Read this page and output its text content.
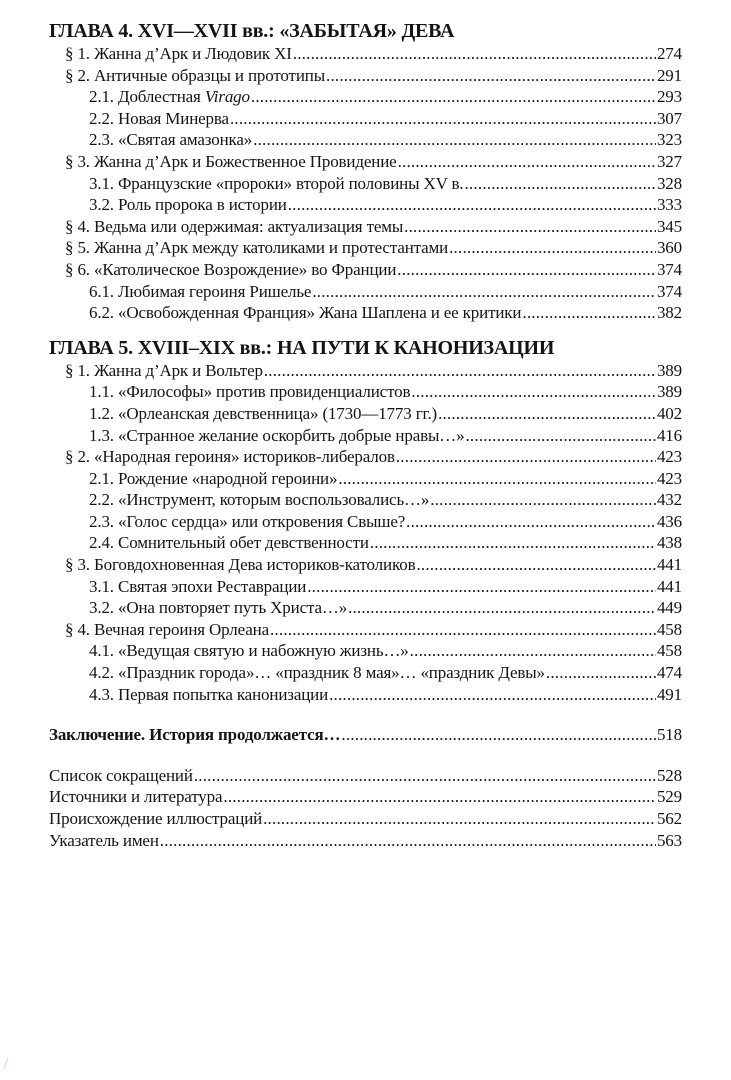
ГЛАВА 4. XVI—XVII вв.: «ЗАБЫТАЯ» ДЕВА
§ 1. Жанна д’Арк и Людовик XI .....	274
§ 2. Античные образцы и прототипы .....	291
2.1. Доблестная Virago .....	293
2.2. Новая Минерва .....	307
2.3. «Святая амазонка» .....	323
§ 3. Жанна д’Арк и Божественное Провидение .....	327
3.1. Французские «пророки» второй половины XV в. .....	328
3.2. Роль пророка в истории .....	333
§ 4. Ведьма или одержимая: актуализация темы .....	345
§ 5. Жанна д’Арк между католиками и протестантами .....	360
§ 6. «Католическое Возрождение» во Франции .....	374
6.1. Любимая героиня Ришелье .....	374
6.2. «Освобожденная Франция» Жана Шаплена и ее критики .....	382
ГЛАВА 5. XVIII–XIX вв.: НА ПУТИ К КАНОНИЗАЦИИ
§ 1. Жанна д’Арк и Вольтер .....	389
1.1. «Философы» против провиденциалистов .....	389
1.2. «Орлеанская девственница» (1730—1773 гг.) .....	402
1.3. «Странное желание оскорбить добрые нравы…» .....	416
§ 2. «Народная героиня» историков-либералов .....	423
2.1. Рождение «народной героини» .....	423
2.2. «Инструмент, которым воспользовались…» .....	432
2.3. «Голос сердца» или откровения Свыше? .....	436
2.4. Сомнительный обет девственности .....	438
§ 3. Боговдохновенная Дева историков-католиков .....	441
3.1. Святая эпохи Реставрации .....	441
3.2. «Она повторяет путь Христа…» .....	449
§ 4. Вечная героиня Орлеана .....	458
4.1. «Ведущая святую и набожную жизнь…» .....	458
4.2. «Праздник города»… «праздник 8 мая»… «праздник Девы» .....	474
4.3. Первая попытка канонизации .....	491
Заключение. История продолжается… .....	518
Список сокращений .....	528
Источники и литература .....	529
Происхождение иллюстраций .....	562
Указатель имен .....	563
